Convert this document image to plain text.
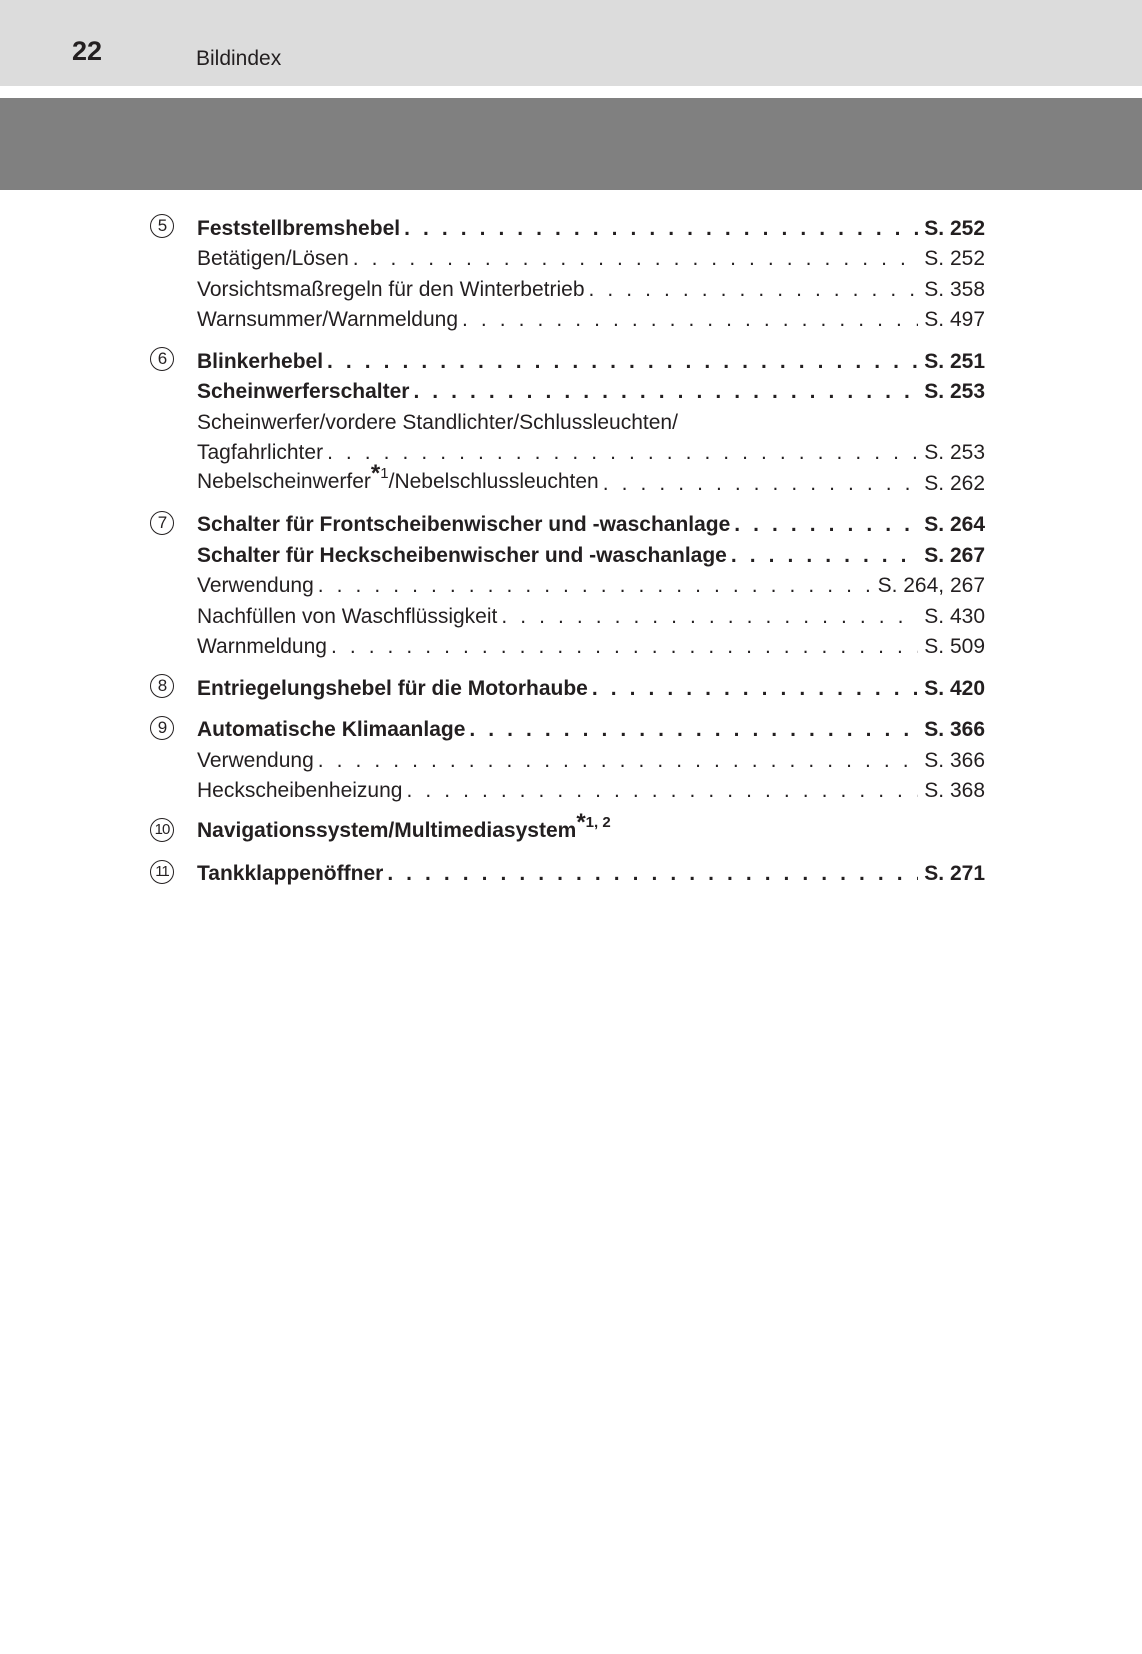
22	Bildindex
5	Feststellbremshebel . . .	S. 252
Betätigen/Lösen . . .	S. 252
Vorsichtsmaßregeln für den Winterbetrieb . . .	S. 358
Warnsummer/Warnmeldung . . .	S. 497
6	Blinkerhebel . . .	S. 251
Scheinwerferschalter . . .	S. 253
Scheinwerfer/vordere Standlichter/Schlussleuchten/
Tagfahrlichter . . .	S. 253
Nebelscheinwerfer*$^1$/Nebelschlussleuchten . . .	S. 262
7	Schalter für Frontscheibenwischer und -waschanlage . . .	S. 264
Schalter für Heckscheibenwischer und -waschanlage . . .	S. 267
Verwendung . . .	S. 264, 267
Nachfüllen von Waschflüssigkeit . . .	S. 430
Warnmeldung . . .	S. 509
8	Entriegelungshebel für die Motorhaube . . .	S. 420
9	Automatische Klimaanlage . . .	S. 366
Verwendung . . .	S. 366
Heckscheibenheizung . . .	S. 368
10 Navigationssystem/Multimediasystem*$^{1, 2}$
11 Tankklappenöffner . . .	S. 271
